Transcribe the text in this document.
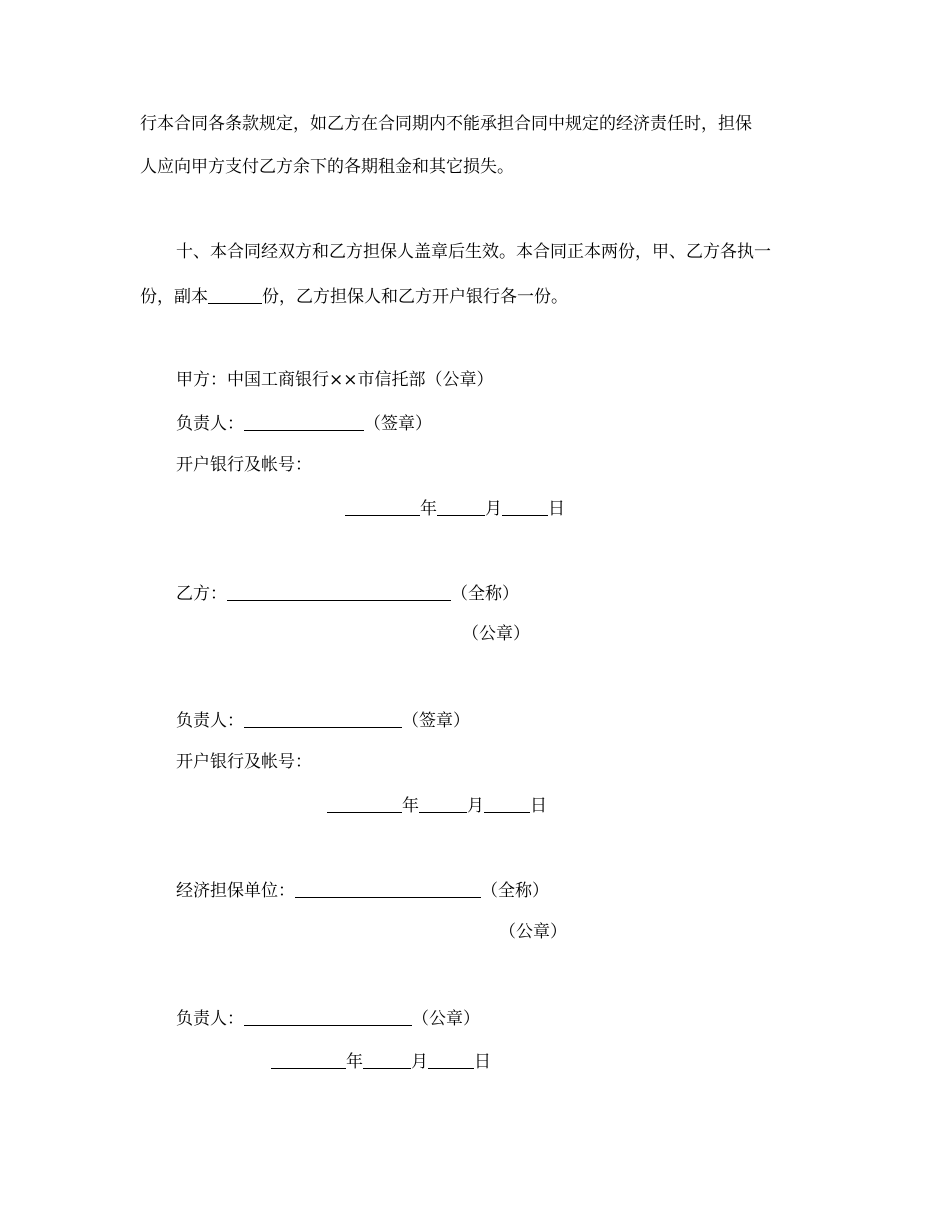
行本合同各条款规定，如乙方在合同期内不能承担合同中规定的经济责任时，担保
人应向甲方支付乙方余下的各期租金和其它损失。
十、本合同经双方和乙方担保人盖章后生效。本合同正本两份，甲、乙方各执一
份，副本	份，乙方担保人和乙方开户银行各一份。
甲方：中国工商银行××市信托部（公章）
负责人：	（签章）
开户银行及帐号：
年	月	日
乙方：	（全称）
（公章）
负责人：	（签章）
开户银行及帐号：
年	月	日
经济担保单位：	（全称）
（公章）
负责人：	（公章）
年	月	日
